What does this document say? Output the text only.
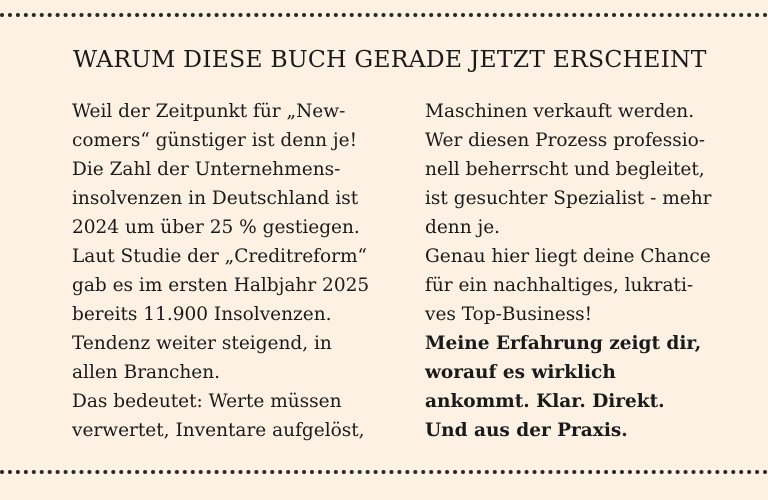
WARUM DIESE BUCH GERADE JETZT ERSCHEINT
Weil der Zeitpunkt für „New-
comers“ günstiger ist denn je!
Die Zahl der Unternehmens-
insolvenzen in Deutschland ist
2024 um über 25 % gestiegen.
Laut Studie der „Creditreform“
gab es im ersten Halbjahr 2025
bereits 11.900 Insolvenzen.
Tendenz weiter steigend, in
allen Branchen.
Das bedeutet: Werte müssen
verwertet, Inventare aufgelöst,
Maschinen verkauft werden.
Wer diesen Prozess professio-
nell beherrscht und begleitet,
ist gesuchter Spezialist - mehr
denn je.
Genau hier liegt deine Chance
für ein nachhaltiges, lukrati-
ves Top-Business!
Meine Erfahrung zeigt dir,
worauf es wirklich
ankommt. Klar. Direkt.
Und aus der Praxis.
